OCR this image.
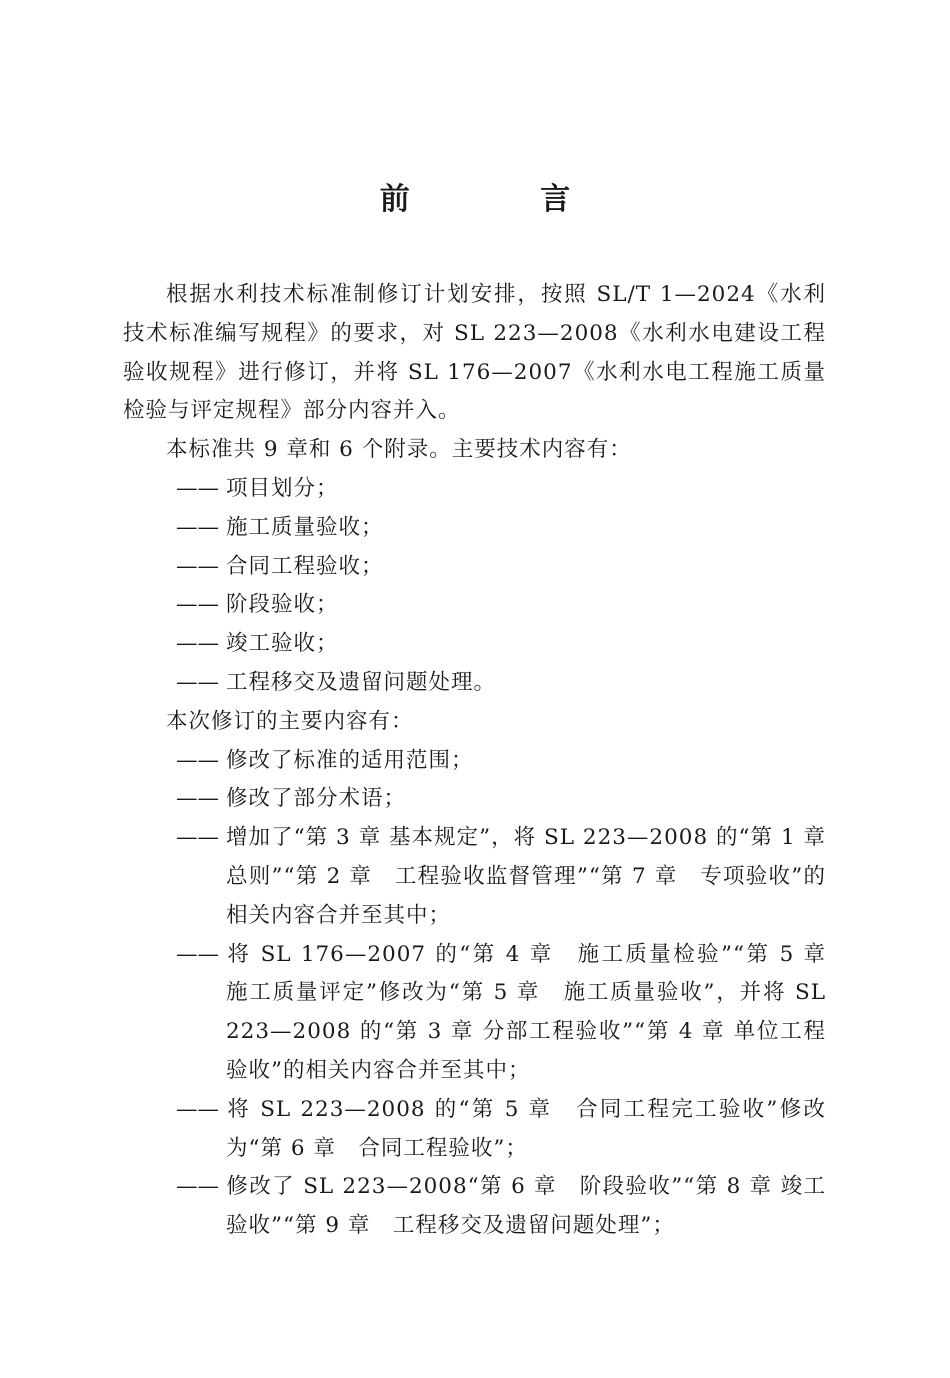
前 言

根据水利技术标准制修订计划安排，按照 SL/T 1—2024《水利技术标准编写规程》的要求，对 SL 223—2008《水利水电建设工程验收规程》进行修订，并将 SL 176—2007《水利水电工程施工质量检验与评定规程》部分内容并入。

本标准共 9 章和 6 个附录。主要技术内容有：

—— 项目划分；

—— 施工质量验收；

—— 合同工程验收；

—— 阶段验收；

—— 竣工验收；

—— 工程移交及遗留问题处理。

本次修订的主要内容有：

—— 修改了标准的适用范围；

—— 修改了部分术语；

—— 增加了“第 3 章 基本规定”，将 SL 223—2008 的“第 1 章　总则”“第 2 章　工程验收监督管理”“第 7 章　专项验收”的相关内容合并至其中；

—— 将 SL 176—2007 的“第 4 章　施工质量检验”“第 5 章　施工质量评定”修改为“第 5 章　施工质量验收”，并将 SL 223—2008 的“第 3 章 分部工程验收”“第 4 章 单位工程验收”的相关内容合并至其中；

—— 将 SL 223—2008 的“第 5 章　合同工程完工验收”修改为“第 6 章　合同工程验收”；

—— 修改了 SL 223—2008“第 6 章　阶段验收”“第 8 章 竣工验收”“第 9 章　工程移交及遗留问题处理”；
